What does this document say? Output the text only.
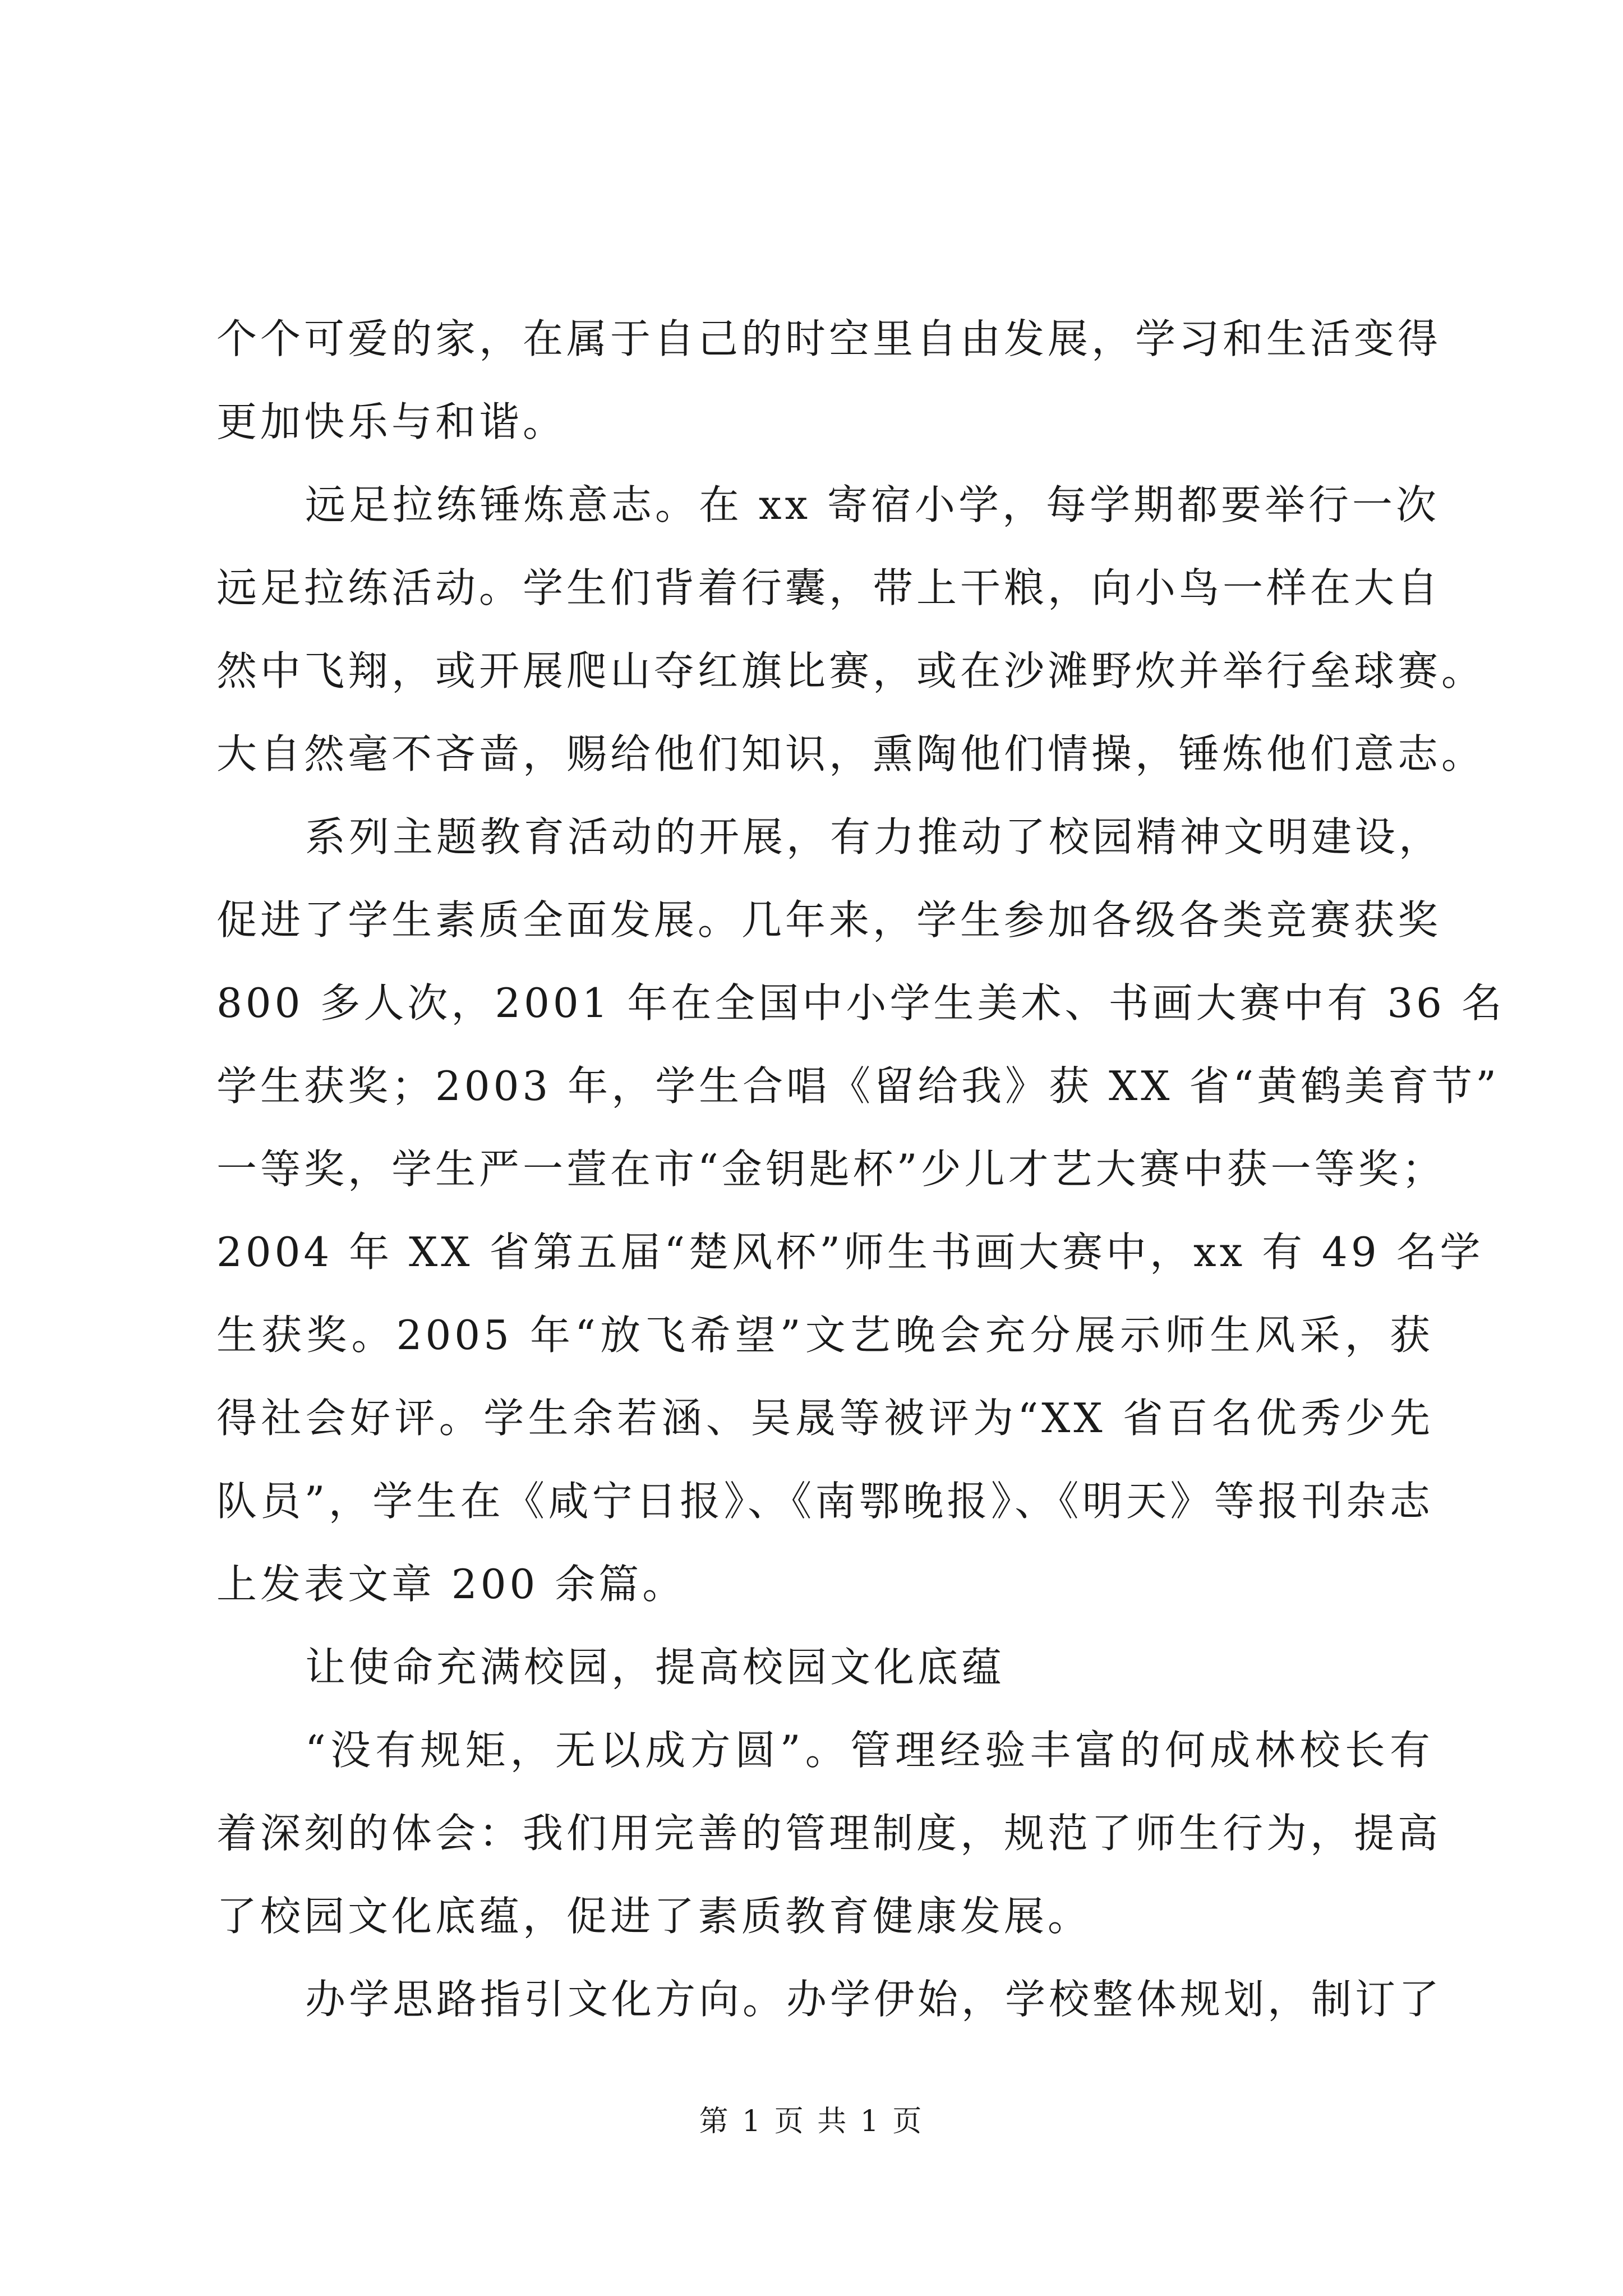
个个可爱的家，在属于自己的时空里自由发展，学习和生活变得
更加快乐与和谐。
远足拉练锤炼意志。在 xx 寄宿小学，每学期都要举行一次
远足拉练活动。学生们背着行囊，带上干粮，向小鸟一样在大自
然中飞翔，或开展爬山夺红旗比赛，或在沙滩野炊并举行垒球赛。
大自然毫不吝啬，赐给他们知识，熏陶他们情操，锤炼他们意志。
系列主题教育活动的开展，有力推动了校园精神文明建设，
促进了学生素质全面发展。几年来，学生参加各级各类竞赛获奖
800 多人次，2001 年在全国中小学生美术、书画大赛中有 36 名
学生获奖；2003 年，学生合唱《留给我》获 XX 省“黄鹤美育节”
一等奖，学生严一萱在市“金钥匙杯”少儿才艺大赛中获一等奖；
2004 年 XX 省第五届“楚风杯”师生书画大赛中，xx 有 49 名学
生获奖。2005 年“放飞希望”文艺晚会充分展示师生风采，获
得社会好评。学生余若涵、吴晟等被评为“XX 省百名优秀少先
队员”，学生在《咸宁日报》、《南鄂晚报》、《明天》等报刊杂志
上发表文章 200 余篇。
让使命充满校园，提高校园文化底蕴
“没有规矩，无以成方圆”。管理经验丰富的何成林校长有
着深刻的体会：我们用完善的管理制度，规范了师生行为，提高
了校园文化底蕴，促进了素质教育健康发展。
办学思路指引文化方向。办学伊始，学校整体规划，制订了
第 1 页 共 1 页
